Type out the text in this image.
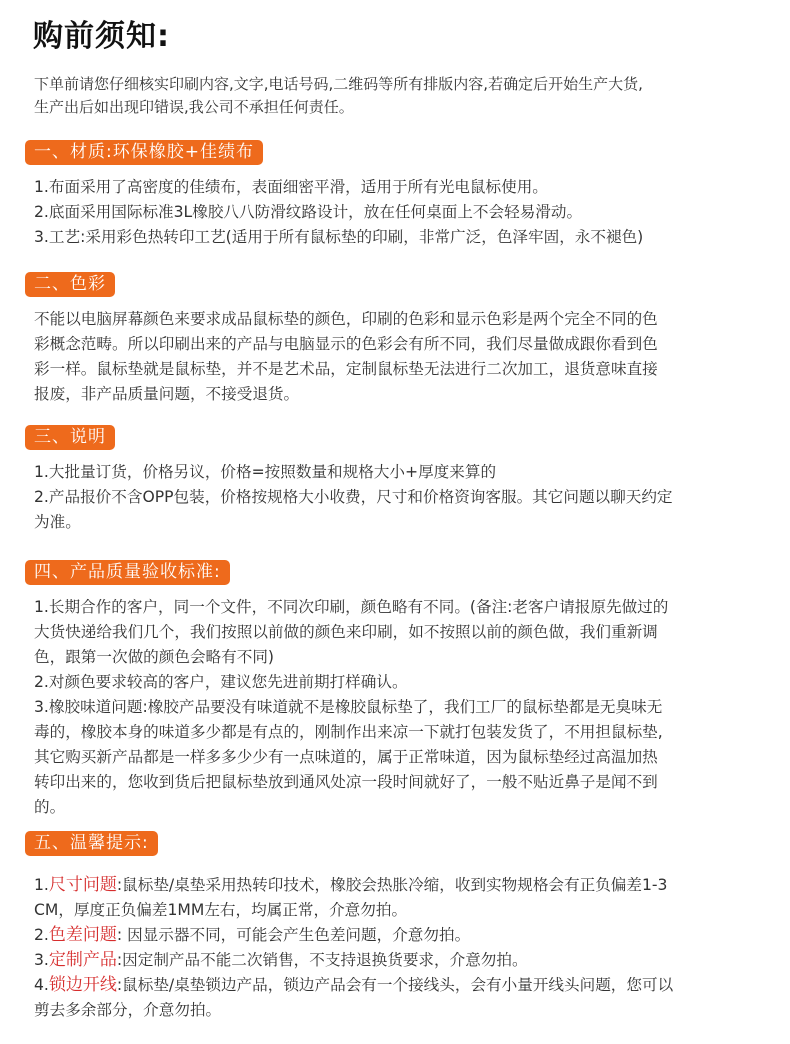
购前须知:
下单前请您仔细核实印刷内容,文字,电话号码,二维码等所有排版内容,若确定后开始生产大货,
生产出后如出现印错误,我公司不承担任何责任。
一、材质:环保橡胶+佳绩布
1.布面采用了高密度的佳绩布，表面细密平滑，适用于所有光电鼠标使用。
2.底面采用国际标准3L橡胶八八防滑纹路设计，放在任何桌面上不会轻易滑动。
3.工艺:采用彩色热转印工艺(适用于所有鼠标垫的印刷，非常广泛，色泽牢固，永不褪色)
二、色彩
不能以电脑屏幕颜色来要求成品鼠标垫的颜色，印刷的色彩和显示色彩是两个完全不同的色
彩概念范畴。所以印刷出来的产品与电脑显示的色彩会有所不同，我们尽量做成跟你看到色
彩一样。鼠标垫就是鼠标垫，并不是艺术品，定制鼠标垫无法进行二次加工，退货意味直接
报废，非产品质量问题，不接受退货。
三、说明
1.大批量订货，价格另议，价格=按照数量和规格大小+厚度来算的
2.产品报价不含OPP包装，价格按规格大小收费，尺寸和价格资询客服。其它问题以聊天约定
为准。
四、产品质量验收标准:
1.长期合作的客户，同一个文件，不同次印刷，颜色略有不同。(备注:老客户请报原先做过的
大货快递给我们几个，我们按照以前做的颜色来印刷，如不按照以前的颜色做，我们重新调
色，跟第一次做的颜色会略有不同)
2.对颜色要求较高的客户，建议您先进前期打样确认。
3.橡胶味道问题:橡胶产品要没有味道就不是橡胶鼠标垫了，我们工厂的鼠标垫都是无臭味无
毒的，橡胶本身的味道多少都是有点的，刚制作出来凉一下就打包装发货了，不用担鼠标垫,
其它购买新产品都是一样多多少少有一点味道的，属于正常味道，因为鼠标垫经过高温加热
转印出来的，您收到货后把鼠标垫放到通风处凉一段时间就好了，一般不贴近鼻子是闻不到
的。
五、温馨提示:
1.尺寸问题:鼠标垫/桌垫采用热转印技术，橡胶会热胀冷缩，收到实物规格会有正负偏差1-3
CM，厚度正负偏差1MM左右，均属正常，介意勿拍。
2.色差问题: 因显示器不同，可能会产生色差问题，介意勿拍。
3.定制产品:因定制产品不能二次销售，不支持退换货要求，介意勿拍。
4.锁边开线:鼠标垫/桌垫锁边产品，锁边产品会有一个接线头，会有小量开线头问题，您可以
剪去多余部分，介意勿拍。
